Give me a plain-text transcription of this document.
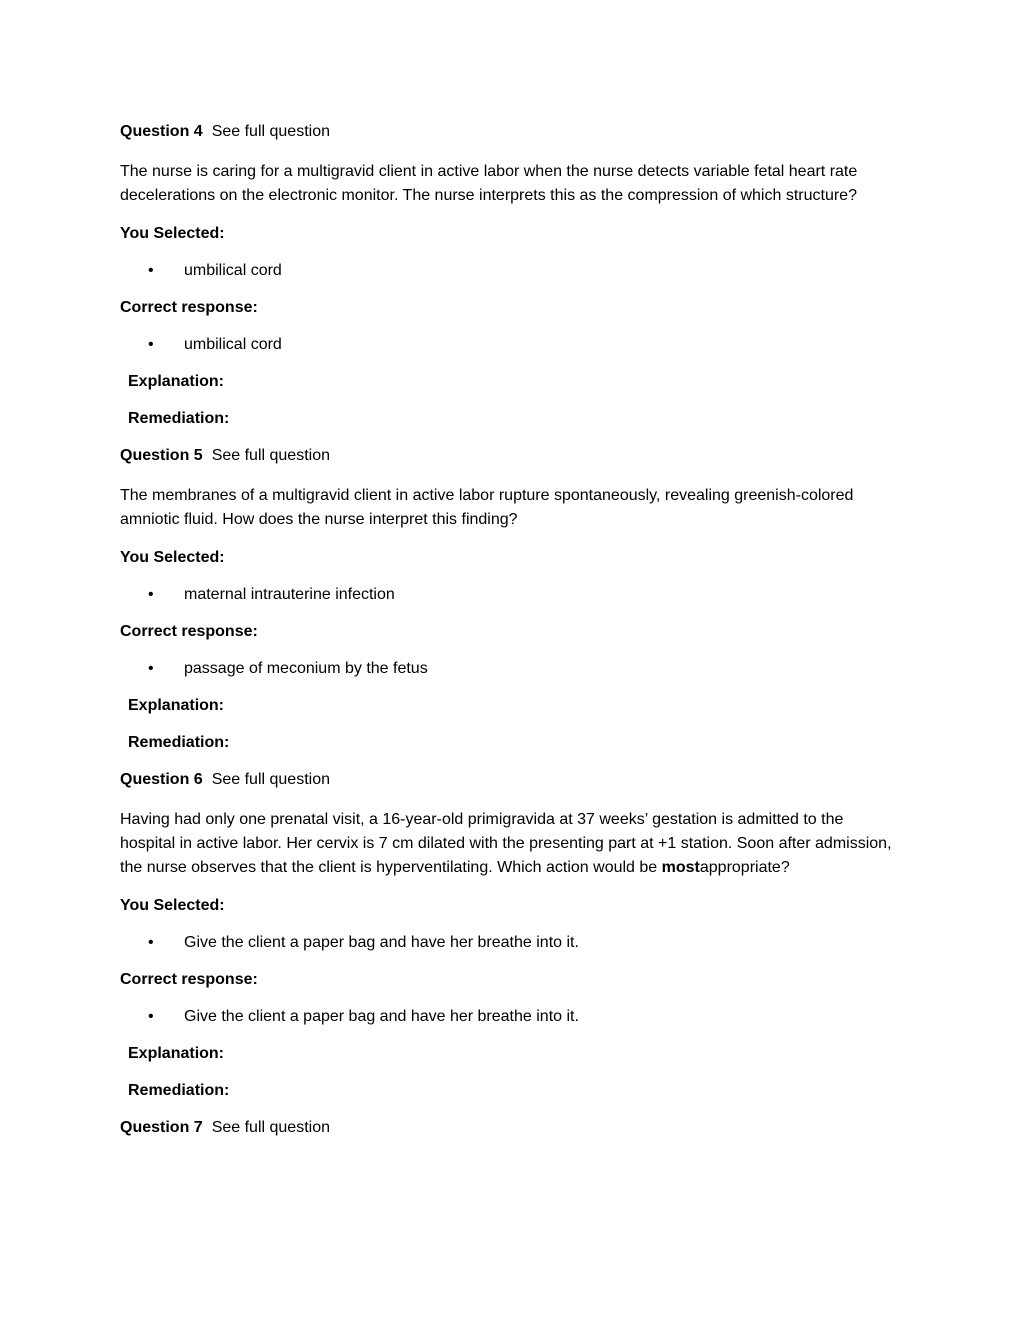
Question 4 See full question

The nurse is caring for a multigravid client in active labor when the nurse detects variable fetal heart rate decelerations on the electronic monitor. The nurse interprets this as the compression of which structure?

You Selected:

• umbilical cord

Correct response:

• umbilical cord

Explanation:

Remediation:

Question 5 See full question

The membranes of a multigravid client in active labor rupture spontaneously, revealing greenish-colored amniotic fluid. How does the nurse interpret this finding?

You Selected:

• maternal intrauterine infection

Correct response:

• passage of meconium by the fetus

Explanation:

Remediation:

Question 6 See full question

Having had only one prenatal visit, a 16-year-old primigravida at 37 weeks’ gestation is admitted to the hospital in active labor. Her cervix is 7 cm dilated with the presenting part at +1 station. Soon after admission, the nurse observes that the client is hyperventilating. Which action would be mostappropriate?

You Selected:

• Give the client a paper bag and have her breathe into it.

Correct response:

• Give the client a paper bag and have her breathe into it.

Explanation:

Remediation:

Question 7 See full question
